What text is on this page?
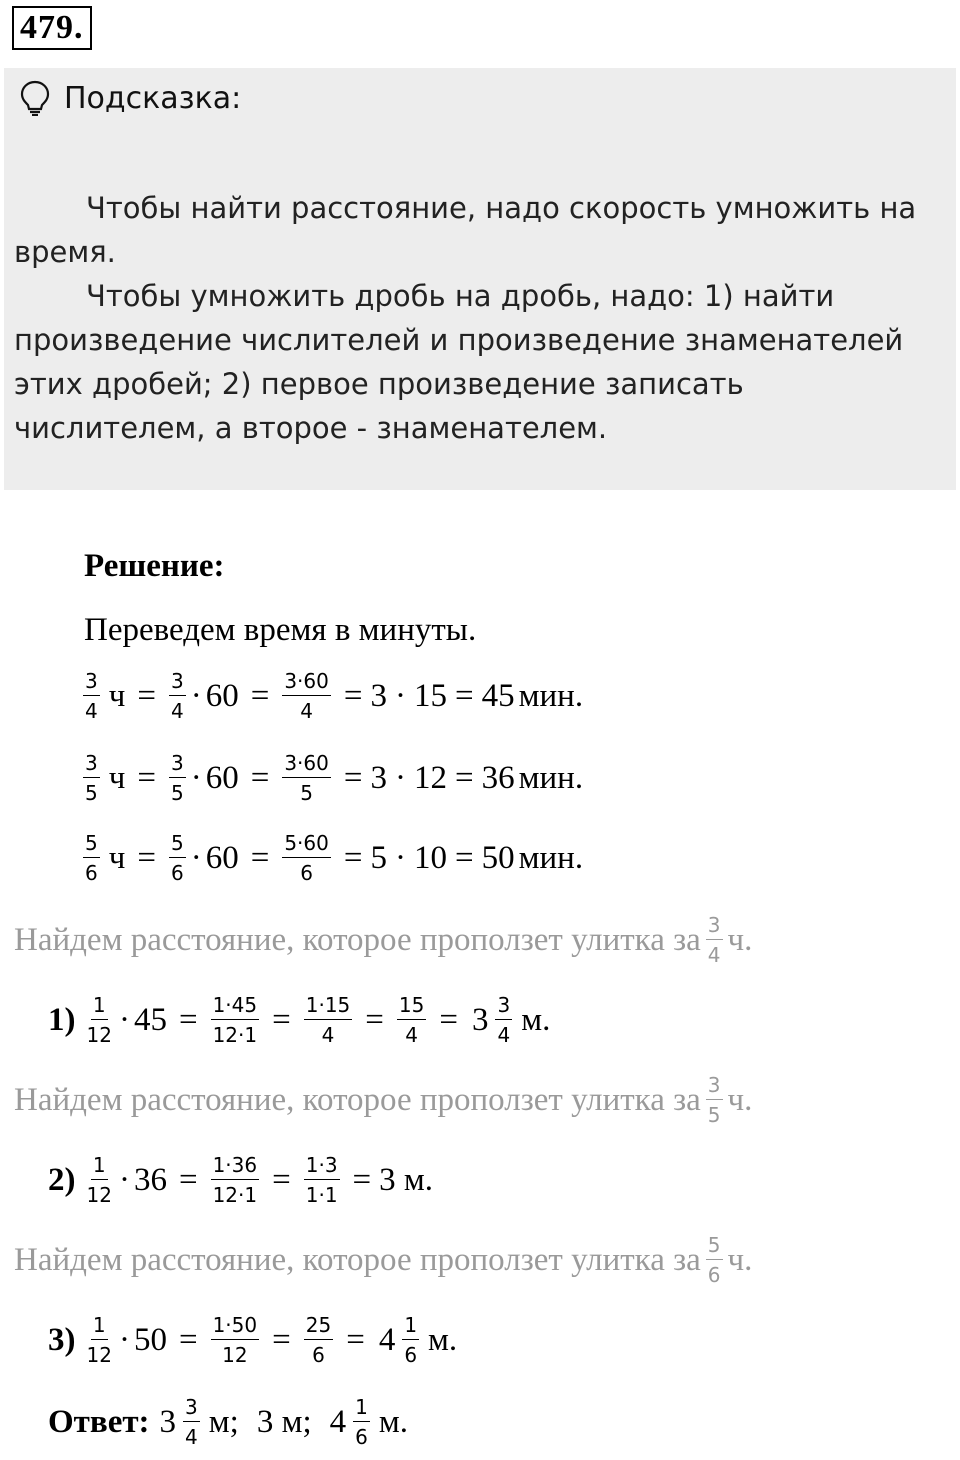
479.
Подсказка:

Чтобы найти расстояние, надо скорость умножить на время.

Чтобы умножить дробь на дробь, надо: 1) найти произведение числителей и произведение знаменателей этих дробей; 2) первое произведение записать числителем, а второе - знаменателем.

Решение:
Переведем время в минуты.
$\frac{3}{4}$ $ч = \frac{3}{4} \cdot 60 = \frac{3\cdot 60}{4} = 3 \cdot 15 = 45$ мин.
$\frac{3}{5}$ $ч = \frac{3}{5} \cdot 60 = \frac{3\cdot 60}{5} = 3 \cdot 12 = 36$ мин.
$\frac{5}{6}$ $ч = \frac{5}{6} \cdot 60 = \frac{5\cdot 60}{6} = 5 \cdot 10 = 50$ мин.
Найдем расстояние, которое проползет улитка за $\frac{3}{4} ч$.
$1) \frac{1}{12} \cdot 45 = \frac{1\cdot 45}{12\cdot 1} = \frac{1\cdot 15}{4} = \frac{15}{4} = 3 \frac{3}{4} м$.
Найдем расстояние, которое проползет улитка за $\frac{3}{5} ч$.
$2) \frac{1}{12} \cdot 36 = \frac{1\cdot 36}{12\cdot 1} = \frac{1\cdot 3}{1\cdot 1} = 3$ м.
Найдем расстояние, которое проползет улитка за $\frac{5}{6} ч$.
$3) \frac{1}{12} \cdot 50 = \frac{1\cdot 50}{12} = \frac{25}{6} = 4 \frac{1}{6} м$.
Ответ: $3 \frac{3}{4} м$; 3 м; $4 \frac{1}{6} м$.
